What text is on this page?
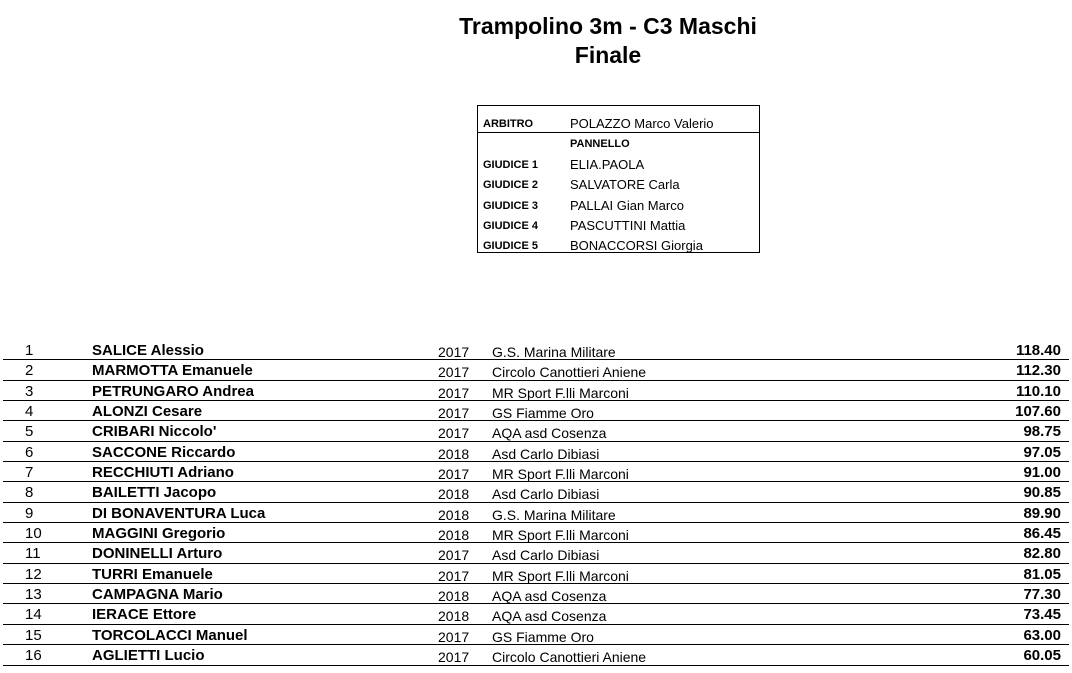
Trampolino 3m - C3 Maschi
Finale
ARBITRO	POLAZZO Marco Valerio
PANNELLO
GIUDICE 1 ELIA.PAOLA
GIUDICE 2 SALVATORE Carla
GIUDICE 3 PALLAI Gian Marco
GIUDICE 4 PASCUTTINI Mattia
GIUDICE 5 BONACCORSI Giorgia
1	SALICE Alessio	2017 G.S. Marina Militare	118.40
2	MARMOTTA Emanuele	2017 Circolo Canottieri Aniene	112.30
3	PETRUNGARO Andrea	2017 MR Sport F.lli Marconi	110.10
4	ALONZI Cesare	2017 GS Fiamme Oro	107.60
5	CRIBARI Niccolo'	2017 AQA asd Cosenza	98.75
6	SACCONE Riccardo	2018 Asd Carlo Dibiasi	97.05
7	RECCHIUTI Adriano	2017 MR Sport F.lli Marconi	91.00
8	BAILETTI Jacopo	2018 Asd Carlo Dibiasi	90.85
9	DI BONAVENTURA Luca	2018 G.S. Marina Militare	89.90
10	MAGGINI Gregorio	2018 MR Sport F.lli Marconi	86.45
11	DONINELLI Arturo	2017 Asd Carlo Dibiasi	82.80
12	TURRI Emanuele	2017 MR Sport F.lli Marconi	81.05
13	CAMPAGNA Mario	2018 AQA asd Cosenza	77.30
14	IERACE Ettore	2018 AQA asd Cosenza	73.45
15	TORCOLACCI Manuel	2017 GS Fiamme Oro	63.00
16	AGLIETTI Lucio	2017 Circolo Canottieri Aniene	60.05
